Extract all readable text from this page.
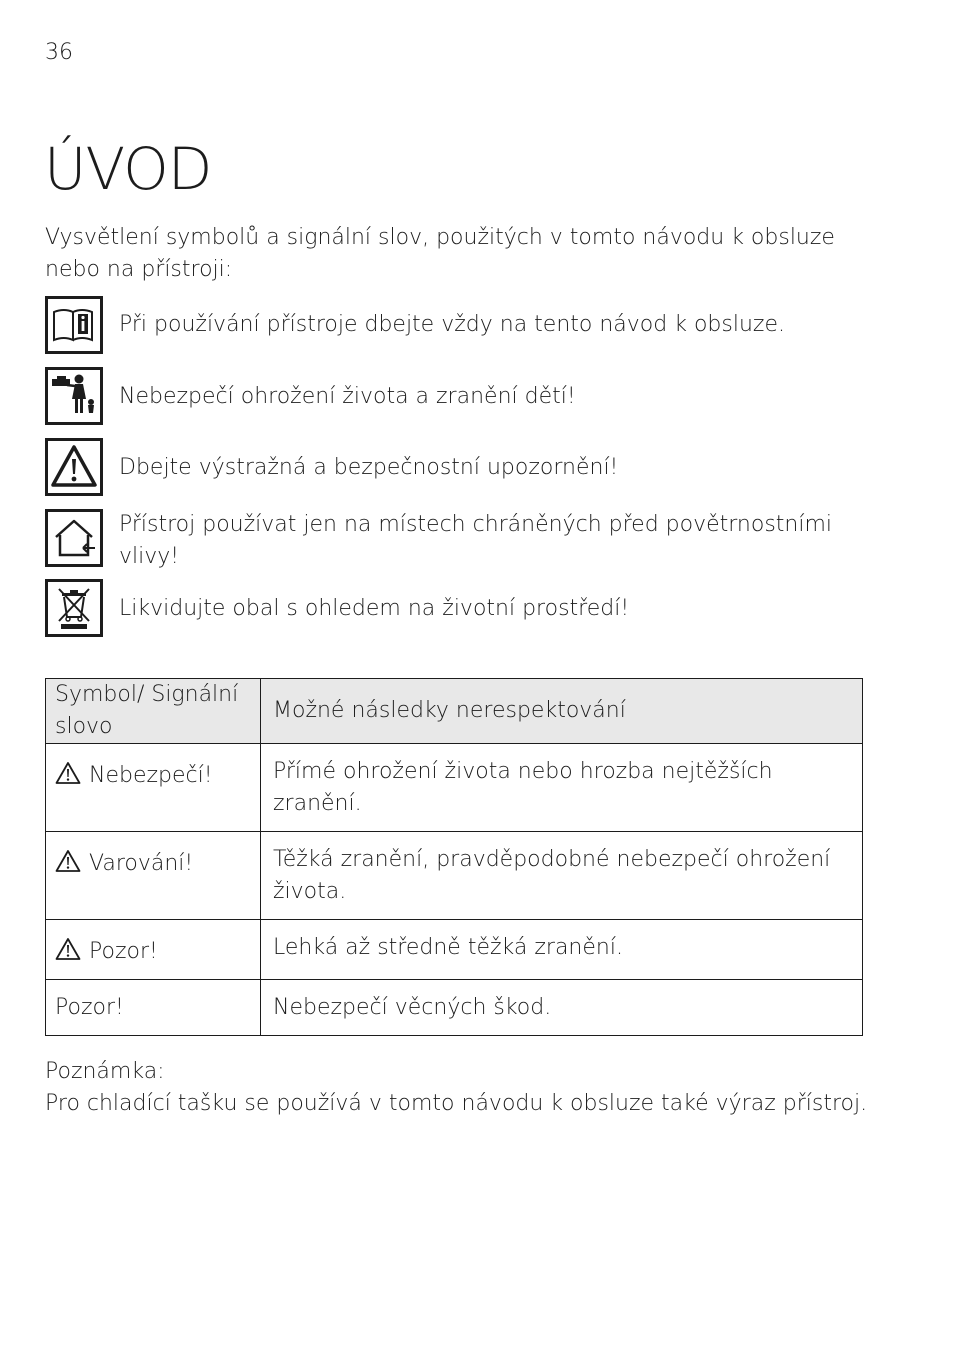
36
ÚVOD

Vysvětlení symbolů a signální slov, použitých v tomto návodu k obsluze nebo na přístroji:

Při používání přístroje dbejte vždy na tento návod k obsluze.
Nebezpečí ohrožení života a zranění dětí!
Dbejte výstražná a bezpečnostní upozornění!
Přístroj používat jen na místech chráněných před povětrnostními vlivy!
Likvidujte obal s ohledem na životní prostředí!
Symbol/ Signální slovo	Možné následky nerespektování
Nebezpečí!	Přímé ohrožení života nebo hrozba nejtěžších zranění.
Varování!	Těžká zranění, pravděpodobné nebezpečí ohrožení života.
Pozor!	Lehká až středně těžká zranění.
Pozor!	Nebezpečí věcných škod.

Poznámka:

Pro chladící tašku se používá v tomto návodu k obsluze také výraz přístroj.
